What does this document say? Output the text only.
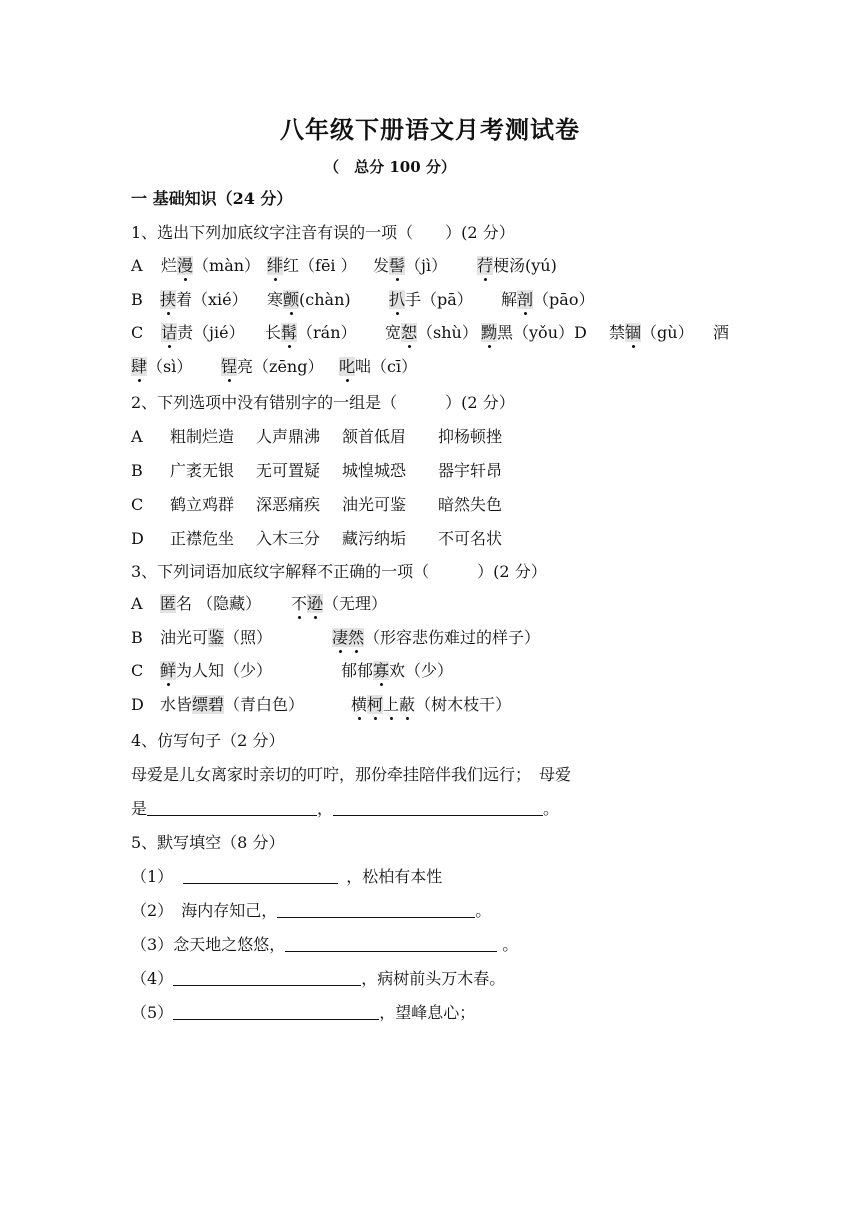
八年级下册语文月考测试卷
（　总分 100 分）
一 基础知识（24 分）
1、选出下列加底纹字注音有误的一项（　　）(2 分）
A 烂漫（màn） 绯红（fēi ） 发髻（jì） 荇梗汤(yú)
B 挟着（xié） 寒颤(chàn) 扒手（pā） 解剖（pāo）
C 诘责（jié） 长髯（rán） 宽恕（shù） 黝黑（yǒu）D 禁锢（gù） 酒
肆（sì） 锃亮（zēng） 叱咄（cī）
2、下列选项中没有错别字的一组是（　　　）(2 分）
A 粗制烂造 人声鼎沸 颔首低眉 抑杨顿挫
B 广袤无银 无可置疑 城惶城恐 器宇轩昂
C 鹤立鸡群 深恶痛疾 油光可鉴 暗然失色
D 正襟危坐 入木三分 藏污纳垢 不可名状
3、下列词语加底纹字解释不正确的一项（　　　）(2 分）
A 匿名 （隐藏） 不逊（无理）
B 油光可鉴（照）	凄然（形容悲伤难过的样子）
C 鲜为人知（少）	郁郁寡欢（少）
D 水皆缥碧（青白色）	横柯上蔽（树木枝干）
4、仿写句子（2 分）
母爱是儿女离家时亲切的叮咛，那份牵挂陪伴我们远行；　母爱
是	，	。
5、默写填空（8 分）
（1）	，松柏有本性
（2） 海内存知己，	。
（3）念天地之悠悠，	。
（4）	，病树前头万木春。
（5）	，望峰息心；
